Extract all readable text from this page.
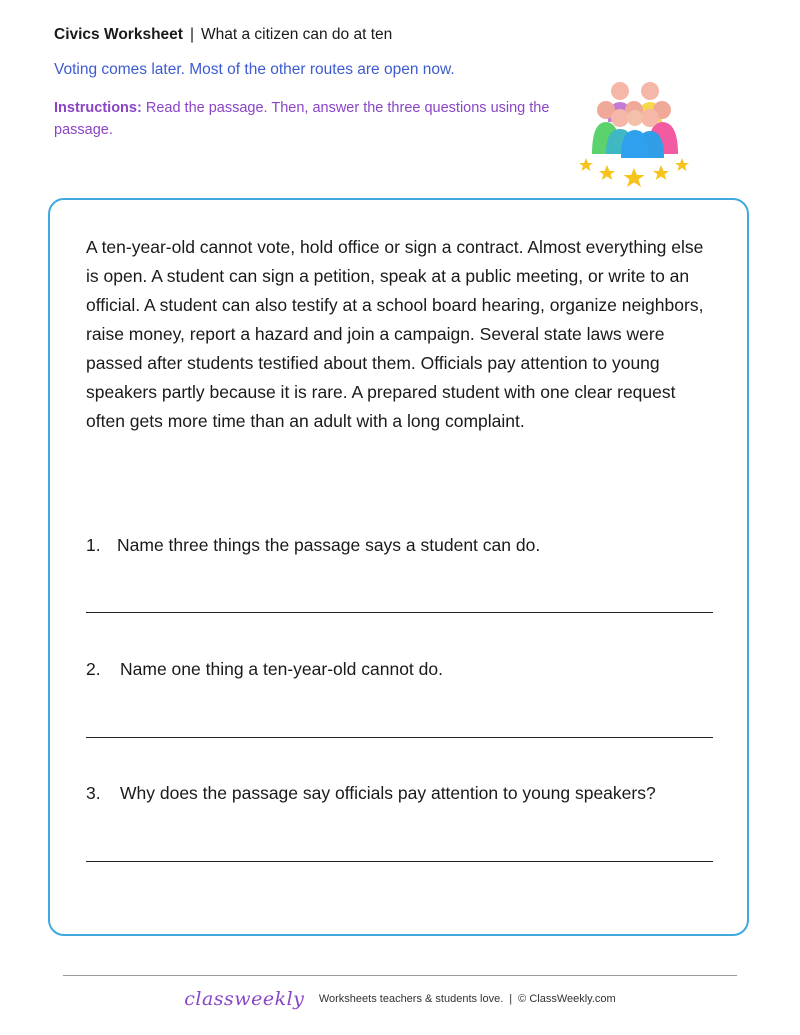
Civics Worksheet | What a citizen can do at ten
Voting comes later. Most of the other routes are open now.
Instructions: Read the passage. Then, answer the three questions using the passage.

A ten-year-old cannot vote, hold office or sign a contract. Almost everything else is open. A student can sign a petition, speak at a public meeting, or write to an official. A student can also testify at a school board hearing, organize neighbors, raise money, report a hazard and join a campaign. Several state laws were passed after students testified about them. Officials pay attention to young speakers partly because it is rare. A prepared student with one clear request often gets more time than an adult with a long complaint.

1. Name three things the passage says a student can do.
2. Name one thing a ten-year-old cannot do.
3. Why does the passage say officials pay attention to young speakers?
classweekly Worksheets teachers & students love. | © ClassWeekly.com
